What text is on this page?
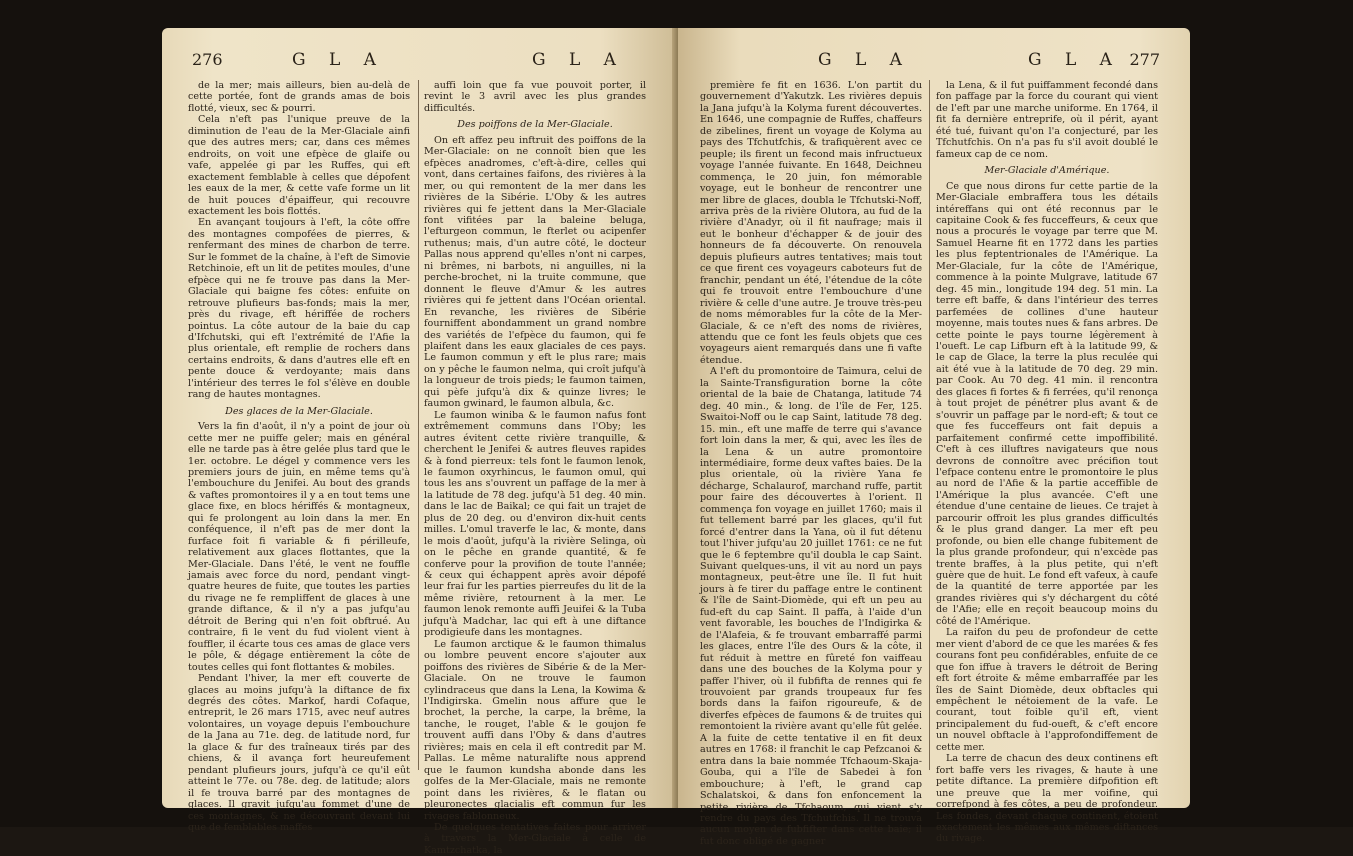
276	G L A	G L A

de la mer; mais ailleurs, bien au-delà de cette portée, font de grands amas de bois flotté, vieux, sec & pourri.

Cela n'eft pas l'unique preuve de la diminution de l'eau de la Mer-Glaciale ainfi que des autres mers; car, dans ces mêmes endroits, on voit une efpèce de glaife ou vafe, appelée gi par les Ruffes, qui eft exactement femblable à celles que dépofent les eaux de la mer, & cette vafe forme un lit de huit pouces d'épaiffeur, qui recouvre exactement les bois flottés.

En avançant toujours à l'eft, la côte offre des montagnes compofées de pierres, & renfermant des mines de charbon de terre. Sur le fommet de la chaîne, à l'eft de Simovie Retchinoie, eft un lit de petites moules, d'une efpèce qui ne fe trouve pas dans la Mer-Glaciale qui baigne fes côtes: enfuite on retrouve plufieurs bas-fonds; mais la mer, près du rivage, eft hériffée de rochers pointus. La côte autour de la baie du cap d'Ifchutski, qui eft l'extrémité de l'Afie la plus orientale, eft remplie de rochers dans certains endroits, & dans d'autres elle eft en pente douce & verdoyante; mais dans l'intérieur des terres le fol s'élève en double rang de hautes montagnes.

Des glaces de la Mer-Glaciale.

Vers la fin d'août, il n'y a point de jour où cette mer ne puiffe geler; mais en général elle ne tarde pas à être gelée plus tard que le 1er. octobre. Le dégel y commence vers les premiers jours de juin, en même tems qu'à l'embouchure du Jenifei. Au bout des grands & vaftes promontoires il y a en tout tems une glace fixe, en blocs hériffés & montagneux, qui fe prolongent au loin dans la mer. En conféquence, il n'eft pas de mer dont la furface foit fi variable & fi périlleufe, relativement aux glaces flottantes, que la Mer-Glaciale. Dans l'été, le vent ne fouffle jamais avec force du nord, pendant vingt-quatre heures de fuite, que toutes les parties du rivage ne fe rempliffent de glaces à une grande diftance, & il n'y a pas jufqu'au détroit de Bering qui n'en foit obftrué. Au contraire, fi le vent du fud violent vient à fouffler, il écarte tous ces amas de glace vers le pôle, & dégage entièrement la côte de toutes celles qui font flottantes & mobiles.

Pendant l'hiver, la mer eft couverte de glaces au moins jufqu'à la diftance de fix degrés des côtes. Markof, hardi Cofaque, entreprit, le 26 mars 1715, avec neuf autres volontaires, un voyage depuis l'embouchure de la Jana au 71e. deg. de latitude nord, fur la glace & fur des traîneaux tirés par des chiens, & il avança fort heureufement pendant plufieurs jours, jufqu'à ce qu'il eût atteint le 77e. ou 78e. deg. de latitude; alors il fe trouva barré par des montagnes de glaces. Il gravit jufqu'au fommet d'une de ces montagnes, & ne découvrant devant lui que de femblables maffes

auffi loin que fa vue pouvoit porter, il revint le 3 avril avec les plus grandes difficultés.

Des poiffons de la Mer-Glaciale.

On eft affez peu inftruit des poiffons de la Mer-Glaciale: on ne connoît bien que les efpèces anadromes, c'eft-à-dire, celles qui vont, dans certaines faifons, des rivières à la mer, ou qui remontent de la mer dans les rivières de la Sibérie. L'Oby & les autres rivières qui fe jettent dans la Mer-Glaciale font vifitées par la baleine beluga, l'efturgeon commun, le fterlet ou acipenfer ruthenus; mais, d'un autre côté, le docteur Pallas nous apprend qu'elles n'ont ni carpes, ni brêmes, ni barbots, ni anguilles, ni la perche-brochet, ni la truite commune, que donnent le fleuve d'Amur & les autres rivières qui fe jettent dans l'Océan oriental. En revanche, les rivières de Sibérie fourniffent abondamment un grand nombre des variétés de l'efpèce du faumon, qui fe plaifent dans les eaux glaciales de ces pays. Le faumon commun y eft le plus rare; mais on y pêche le faumon nelma, qui croît jufqu'à la longueur de trois pieds; le faumon taimen, qui pèfe jufqu'à dix & quinze livres; le faumon gwinard, le faumon albula, &c.

Le faumon winiba & le faumon nafus font extrêmement communs dans l'Oby; les autres évitent cette rivière tranquille, & cherchent le Jenifei & autres fleuves rapides & à fond pierreux: tels font le faumon lenok, le faumon oxyrhincus, le faumon omul, qui tous les ans s'ouvrent un paffage de la mer à la latitude de 78 deg. jufqu'à 51 deg. 40 min. dans le lac de Baikal; ce qui fait un trajet de plus de 20 deg. ou d'environ dix-huit cents milles. L'omul traverfe le lac, & monte, dans le mois d'août, jufqu'à la rivière Selinga, où on le pêche en grande quantité, & fe conferve pour la provifion de toute l'année; & ceux qui échappent après avoir dépofé leur frai fur les parties pierreufes du lit de la même rivière, retournent à la mer. Le faumon lenok remonte auffi Jeuifei & la Tuba jufqu'à Madchar, lac qui eft à une diftance prodigieufe dans les montagnes.

Le faumon arctique & le faumon thimalus ou lombre peuvent encore s'ajouter aux poiffons des rivières de Sibérie & de la Mer-Glaciale. On ne trouve le faumon cylindraceus que dans la Lena, la Kowima & l'Indigirska. Gmelin nous affure que le brochet, la perche, la carpe, la brême, la tanche, le rouget, l'able & le goujon fe trouvent auffi dans l'Oby & dans d'autres rivières; mais en cela il eft contredit par M. Pallas. Le même naturalifte nous apprend que le faumon kundsha abonde dans les golfes de la Mer-Glaciale, mais ne remonte point dans les rivières, & le flatan ou pleuronectes glacialis eft commun fur les rivages fablonneux.

De quelques tentatives faites pour arriver à travers la Mer-Glaciale à celle de Kamtzchatka, la

G L A	G L A 277

première fe fit en 1636. L'on partit du gouvernement d'Yakutzk. Les rivières depuis la Jana jufqu'à la Kolyma furent découvertes. En 1646, une compagnie de Ruffes, chaffeurs de zibelines, firent un voyage de Kolyma au pays des Tfchutfchis, & trafiquèrent avec ce peuple; ils firent un fecond mais infructueux voyage l'année fuivante. En 1648, Deichneu commença, le 20 juin, fon mémorable voyage, eut le bonheur de rencontrer une mer libre de glaces, doubla le Tfchutski-Noff, arriva près de la rivière Olutora, au fud de la rivière d'Anadyr, où il fit naufrage; mais il eut le bonheur d'échapper & de jouir des honneurs de fa découverte. On renouvela depuis plufieurs autres tentatives; mais tout ce que firent ces voyageurs caboteurs fut de franchir, pendant un été, l'étendue de la côte qui fe trouvoit entre l'embouchure d'une rivière & celle d'une autre. Je trouve très-peu de noms mémorables fur la côte de la Mer-Glaciale, & ce n'eft des noms de rivières, attendu que ce font les feuls objets que ces voyageurs aient remarqués dans une fi vafte étendue.

A l'eft du promontoire de Taimura, celui de la Sainte-Transfiguration borne la côte oriental de la baie de Chatanga, latitude 74 deg. 40 min., & long. de l'île de Fer, 125. Swaitoi-Noff ou le cap Saint, latitude 78 deg. 15. min., eft une maffe de terre qui s'avance fort loin dans la mer, & qui, avec les îles de la Lena & un autre promontoire intermédiaire, forme deux vaftes baies. De la plus orientale, où la rivière Yana fe décharge, Schalaurof, marchand ruffe, partit pour faire des découvertes à l'orient. Il commença fon voyage en juillet 1760; mais il fut tellement barré par les glaces, qu'il fut forcé d'entrer dans la Yana, où il fut détenu tout l'hiver jufqu'au 20 juillet 1761: ce ne fut que le 6 feptembre qu'il doubla le cap Saint. Suivant quelques-uns, il vit au nord un pays montagneux, peut-être une île. Il fut huit jours à fe tirer du paffage entre le continent & l'île de Saint-Diomède, qui eft un peu au fud-eft du cap Saint. Il paffa, à l'aide d'un vent favorable, les bouches de l'Indigirka & de l'Alafeia, & fe trouvant embarraffé parmi les glaces, entre l'île des Ours & la côte, il fut réduit à mettre en fûreté fon vaiffeau dans une des bouches de la Kolyma pour y paffer l'hiver, où il fubfifta de rennes qui fe trouvoient par grands troupeaux fur fes bords dans la faifon rigoureufe, & de diverfes efpèces de faumons & de truites qui remontoient la rivière avant qu'elle fût gelée. A la fuite de cette tentative il en fit deux autres en 1768: il franchit le cap Pefzcanoi & entra dans la baie nommée Tfchaoum-Skaja-Gouba, qui a l'île de Sabedei à fon embouchure; à l'eft, le grand cap Schalatskoi, & dans fon enfoncement la petite rivière de Tfchaoum, qui vient s'y rendre du pays des Tfchutfchis. Il ne trouva aucun moyen de fubfifter dans cette baie; il fut donc obligé de gagner

la Lena, & il fut puiffamment fecondé dans fon paffage par la force du courant qui vient de l'eft par une marche uniforme. En 1764, il fit fa dernière entreprife, où il périt, ayant été tué, fuivant qu'on l'a conjecturé, par les Tfchutfchis. On n'a pas fu s'il avoit doublé le fameux cap de ce nom.

Mer-Glaciale d'Amérique.

Ce que nous dirons fur cette partie de la Mer-Glaciale embraffera tous les détails intéreffans qui ont été reconnus par le capitaine Cook & fes fucceffeurs, & ceux que nous a procurés le voyage par terre que M. Samuel Hearne fit en 1772 dans les parties les plus feptentrionales de l'Amérique. La Mer-Glaciale, fur la côte de l'Amérique, commence à la pointe Mulgrave, latitude 67 deg. 45 min., longitude 194 deg. 51 min. La terre eft baffe, & dans l'intérieur des terres parfemées de collines d'une hauteur moyenne, mais toutes nues & fans arbres. De cette pointe le pays tourne légèrement à l'oueft. Le cap Lifburn eft à la latitude 99, & le cap de Glace, la terre la plus reculée qui ait été vue à la latitude de 70 deg. 29 min. par Cook. Au 70 deg. 41 min. il rencontra des glaces fi fortes & fi ferrées, qu'il renonça à tout projet de pénétrer plus avant & de s'ouvrir un paffage par le nord-eft; & tout ce que fes fucceffeurs ont fait depuis a parfaitement confirmé cette impoffibilité. C'eft à ces illuftres navigateurs que nous devrons de connoître avec précifion tout l'efpace contenu entre le promontoire le plus au nord de l'Afie & la partie acceffible de l'Amérique la plus avancée. C'eft une étendue d'une centaine de lieues. Ce trajet à parcourir offroit les plus grandes difficultés & le plus grand danger. La mer eft peu profonde, ou bien elle change fubitement de la plus grande profondeur, qui n'excède pas trente braffes, à la plus petite, qui n'eft guère que de huit. Le fond eft vafeux, à caufe de la quantité de terre apportée par les grandes rivières qui s'y déchargent du côté de l'Afie; elle en reçoit beaucoup moins du côté de l'Amérique.

La raifon du peu de profondeur de cette mer vient d'abord de ce que les marées & fes courans font peu confidérables, enfuite de ce que fon iffue à travers le détroit de Bering eft fort étroite & même embarraffée par les îles de Saint Diomède, deux obftacles qui empêchent le nétoiement de la vafe. Le courant, tout foible qu'il eft, vient principalement du fud-oueft, & c'eft encore un nouvel obftacle à l'approfondiffement de cette mer.

La terre de chacun des deux continens eft fort baffe vers les rivages, & haute à une petite diftance. La première difpofition eft une preuve que la mer voifine, qui correfpond à fes côtes, a peu de profondeur. Les fondes, devant chaque continent, étoient exactement les mêmes aux mêmes diftances du rivage.
